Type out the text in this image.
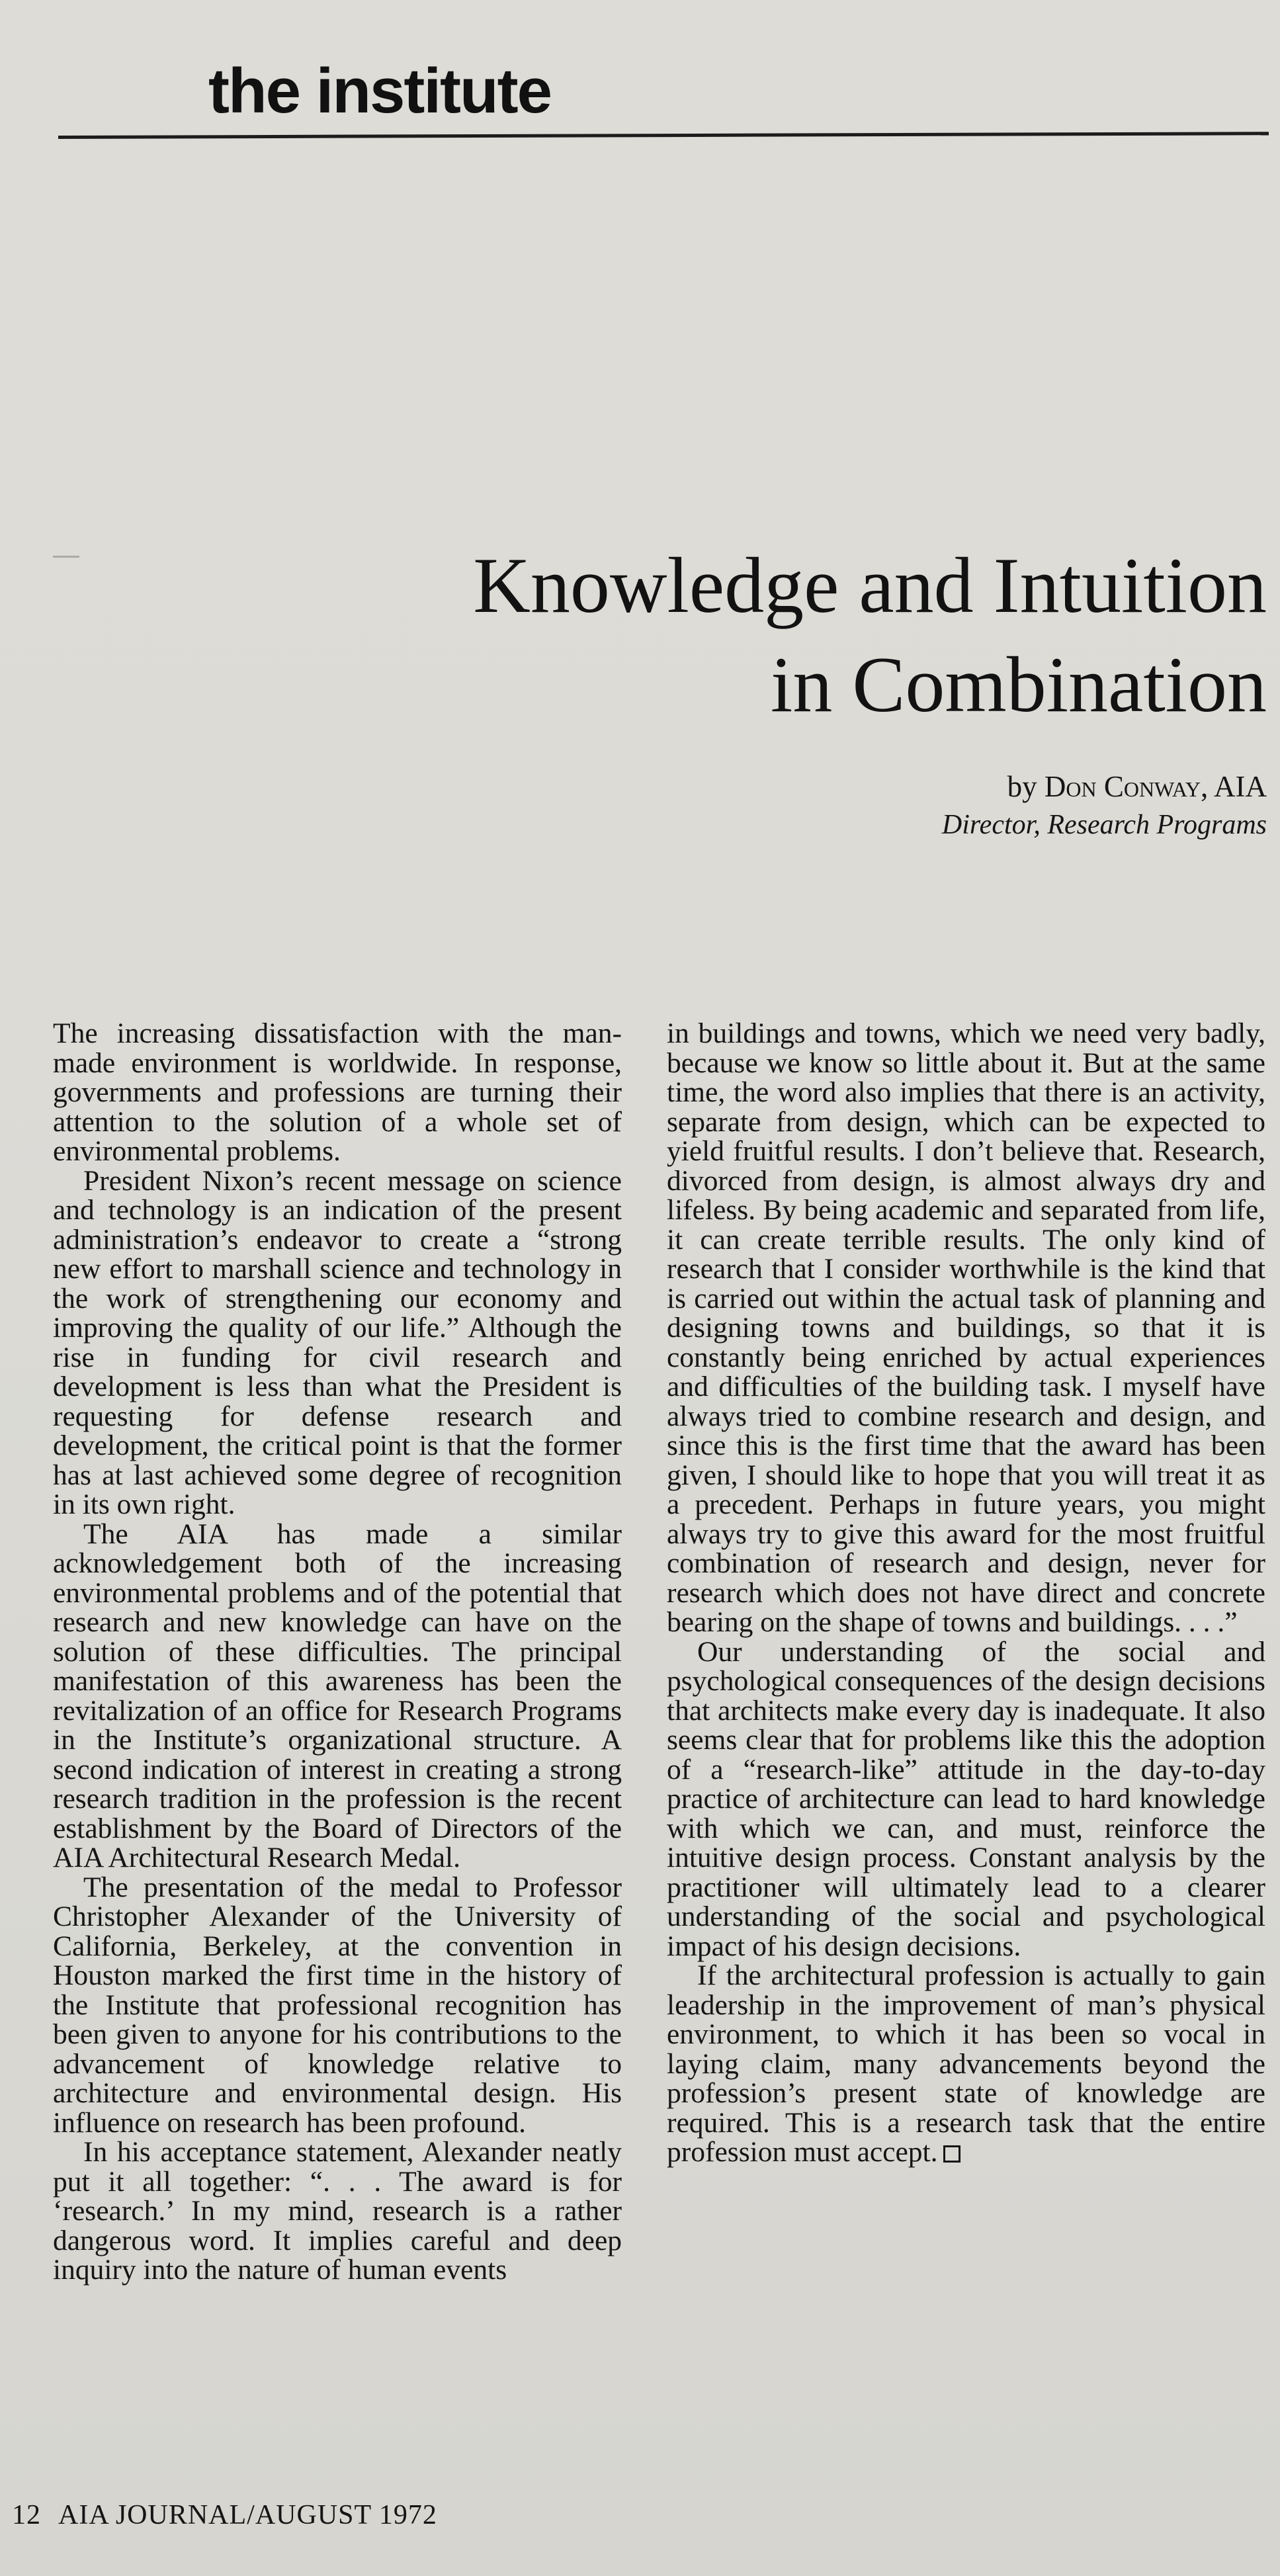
the institute
Knowledge and Intuition
in Combination
by Don Conway, AIA
Director, Research Programs

The increasing dissatisfaction with the man-made environment is worldwide. In response, governments and professions are turning their attention to the solution of a whole set of environmental problems.

President Nixon’s recent message on science and technology is an indication of the present administration’s endeavor to create a “strong new effort to marshall science and technology in the work of strengthening our economy and improving the quality of our life.” Although the rise in funding for civil research and development is less than what the President is requesting for defense research and development, the critical point is that the former has at last achieved some degree of recognition in its own right.

The AIA has made a similar acknowledgement both of the increasing environmental problems and of the potential that research and new knowledge can have on the solution of these difficulties. The principal manifestation of this awareness has been the revitalization of an office for Research Programs in the Institute’s organizational structure. A second indication of interest in creating a strong research tradition in the profession is the recent establishment by the Board of Directors of the AIA Architectural Research Medal.

The presentation of the medal to Professor Christopher Alexander of the University of California, Berkeley, at the convention in Houston marked the first time in the history of the Institute that professional recognition has been given to anyone for his contributions to the advancement of knowledge relative to architecture and environmental design. His influence on research has been profound.

In his acceptance statement, Alexander neatly put it all together: “. . . The award is for ‘research.’ In my mind, research is a rather dangerous word. It implies careful and deep inquiry into the nature of human events

in buildings and towns, which we need very badly, because we know so little about it. But at the same time, the word also implies that there is an activity, separate from design, which can be expected to yield fruitful results. I don’t believe that. Research, divorced from design, is almost always dry and lifeless. By being academic and separated from life, it can create terrible results. The only kind of research that I consider worthwhile is the kind that is carried out within the actual task of planning and designing towns and buildings, so that it is constantly being enriched by actual experiences and difficulties of the building task. I myself have always tried to combine research and design, and since this is the first time that the award has been given, I should like to hope that you will treat it as a precedent. Perhaps in future years, you might always try to give this award for the most fruitful combination of research and design, never for research which does not have direct and concrete bearing on the shape of towns and buildings. . . .”

Our understanding of the social and psychological consequences of the design decisions that architects make every day is inadequate. It also seems clear that for problems like this the adoption of a “research-like” attitude in the day-to-day practice of architecture can lead to hard knowledge with which we can, and must, reinforce the intuitive design process. Constant analysis by the practitioner will ultimately lead to a clearer understanding of the social and psychological impact of his design decisions.

If the architectural profession is actually to gain leadership in the improvement of man’s physical environment, to which it has been so vocal in laying claim, many advancements beyond the profession’s present state of knowledge are required. This is a research task that the entire profession must accept.

12 AIA JOURNAL/AUGUST 1972
